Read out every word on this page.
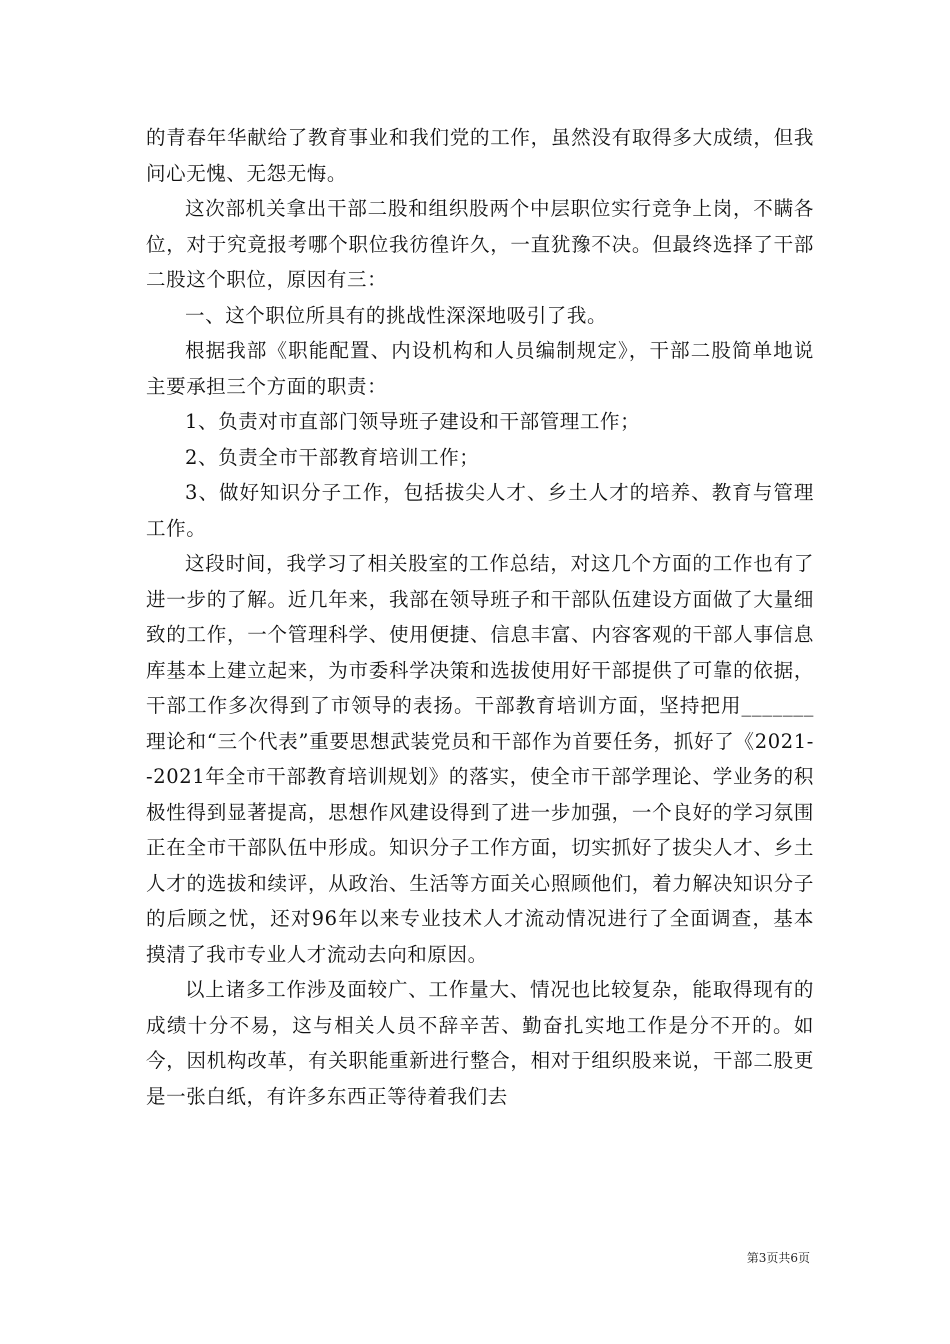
的青春年华献给了教育事业和我们党的工作，虽然没有取得多大成绩，但我问心无愧、无怨无悔。

这次部机关拿出干部二股和组织股两个中层职位实行竞争上岗，不瞒各位，对于究竟报考哪个职位我彷徨许久，一直犹豫不决。但最终选择了干部二股这个职位，原因有三：

一、这个职位所具有的挑战性深深地吸引了我。

根据我部《职能配置、内设机构和人员编制规定》，干部二股简单地说主要承担三个方面的职责：

1、负责对市直部门领导班子建设和干部管理工作；

2、负责全市干部教育培训工作；

3、做好知识分子工作，包括拔尖人才、乡土人才的培养、教育与管理工作。

这段时间，我学习了相关股室的工作总结，对这几个方面的工作也有了进一步的了解。近几年来，我部在领导班子和干部队伍建设方面做了大量细致的工作，一个管理科学、使用便捷、信息丰富、内容客观的干部人事信息库基本上建立起来，为市委科学决策和选拔使用好干部提供了可靠的依据，干部工作多次得到了市领导的表扬。干部教育培训方面，坚持把用_______理论和“三个代表”重要思想武装党员和干部作为首要任务，抓好了《2021--2021年全市干部教育培训规划》的落实，使全市干部学理论、学业务的积极性得到显著提高，思想作风建设得到了进一步加强，一个良好的学习氛围正在全市干部队伍中形成。知识分子工作方面，切实抓好了拔尖人才、乡土人才的选拔和续评，从政治、生活等方面关心照顾他们，着力解决知识分子的后顾之忧，还对96年以来专业技术人才流动情况进行了全面调查，基本摸清了我市专业人才流动去向和原因。

以上诸多工作涉及面较广、工作量大、情况也比较复杂，能取得现有的成绩十分不易，这与相关人员不辞辛苦、勤奋扎实地工作是分不开的。如今，因机构改革，有关职能重新进行整合，相对于组织股来说，干部二股更是一张白纸，有许多东西正等待着我们去

第3页共6页
